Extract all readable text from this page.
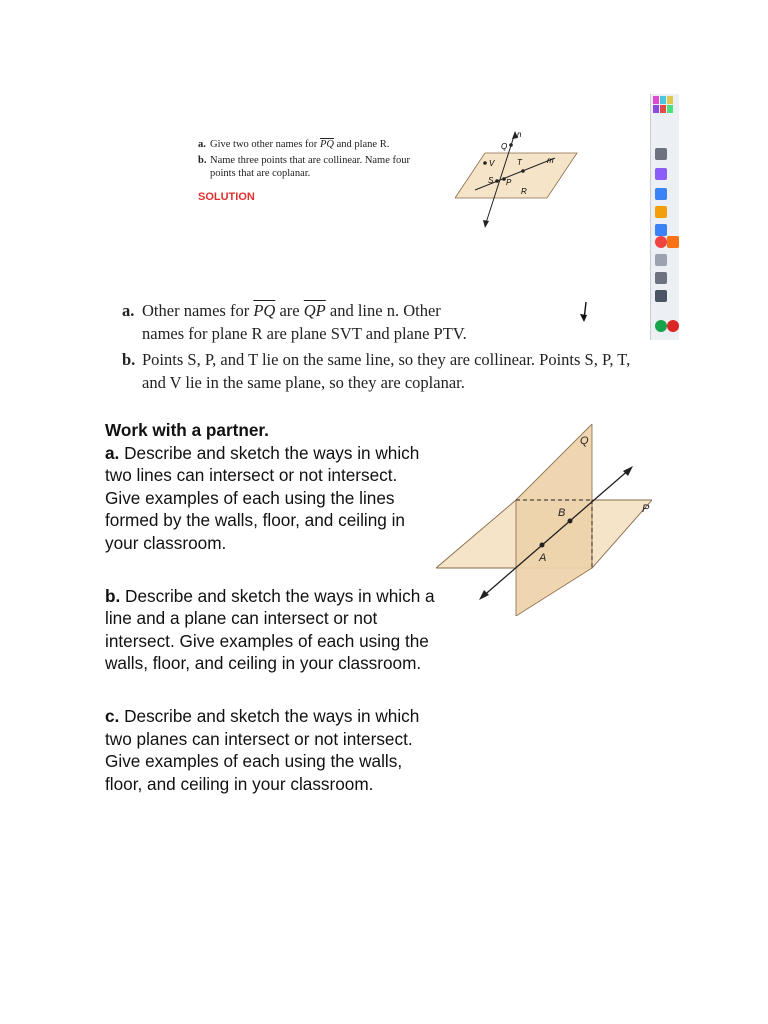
a. Give two other names for $\overline{PQ}$ and plane R.
b. Name three points that are collinear. Name four
points that are coplanar.
SOLUTION
n
Q
V	T	m
S P
R
a. Other names for $\overline{PQ}$ are $\overline{QP}$ and line n. Other
names for plane R are plane SVT and plane PTV.
b. Points S, P, and T lie on the same line, so they are collinear. Points S, P, T,
and V lie in the same plane, so they are coplanar.

Work with a partner.

a. Describe and sketch the ways in which two lines can intersect or not intersect. Give examples of each using the lines formed by the walls, floor, and ceiling in your classroom.

b. Describe and sketch the ways in which a line and a plane can intersect or not intersect. Give examples of each using the walls, floor, and ceiling in your classroom.

c. Describe and sketch the ways in which two planes can intersect or not intersect. Give examples of each using the walls, floor, and ceiling in your classroom.

A
B
Q
P
